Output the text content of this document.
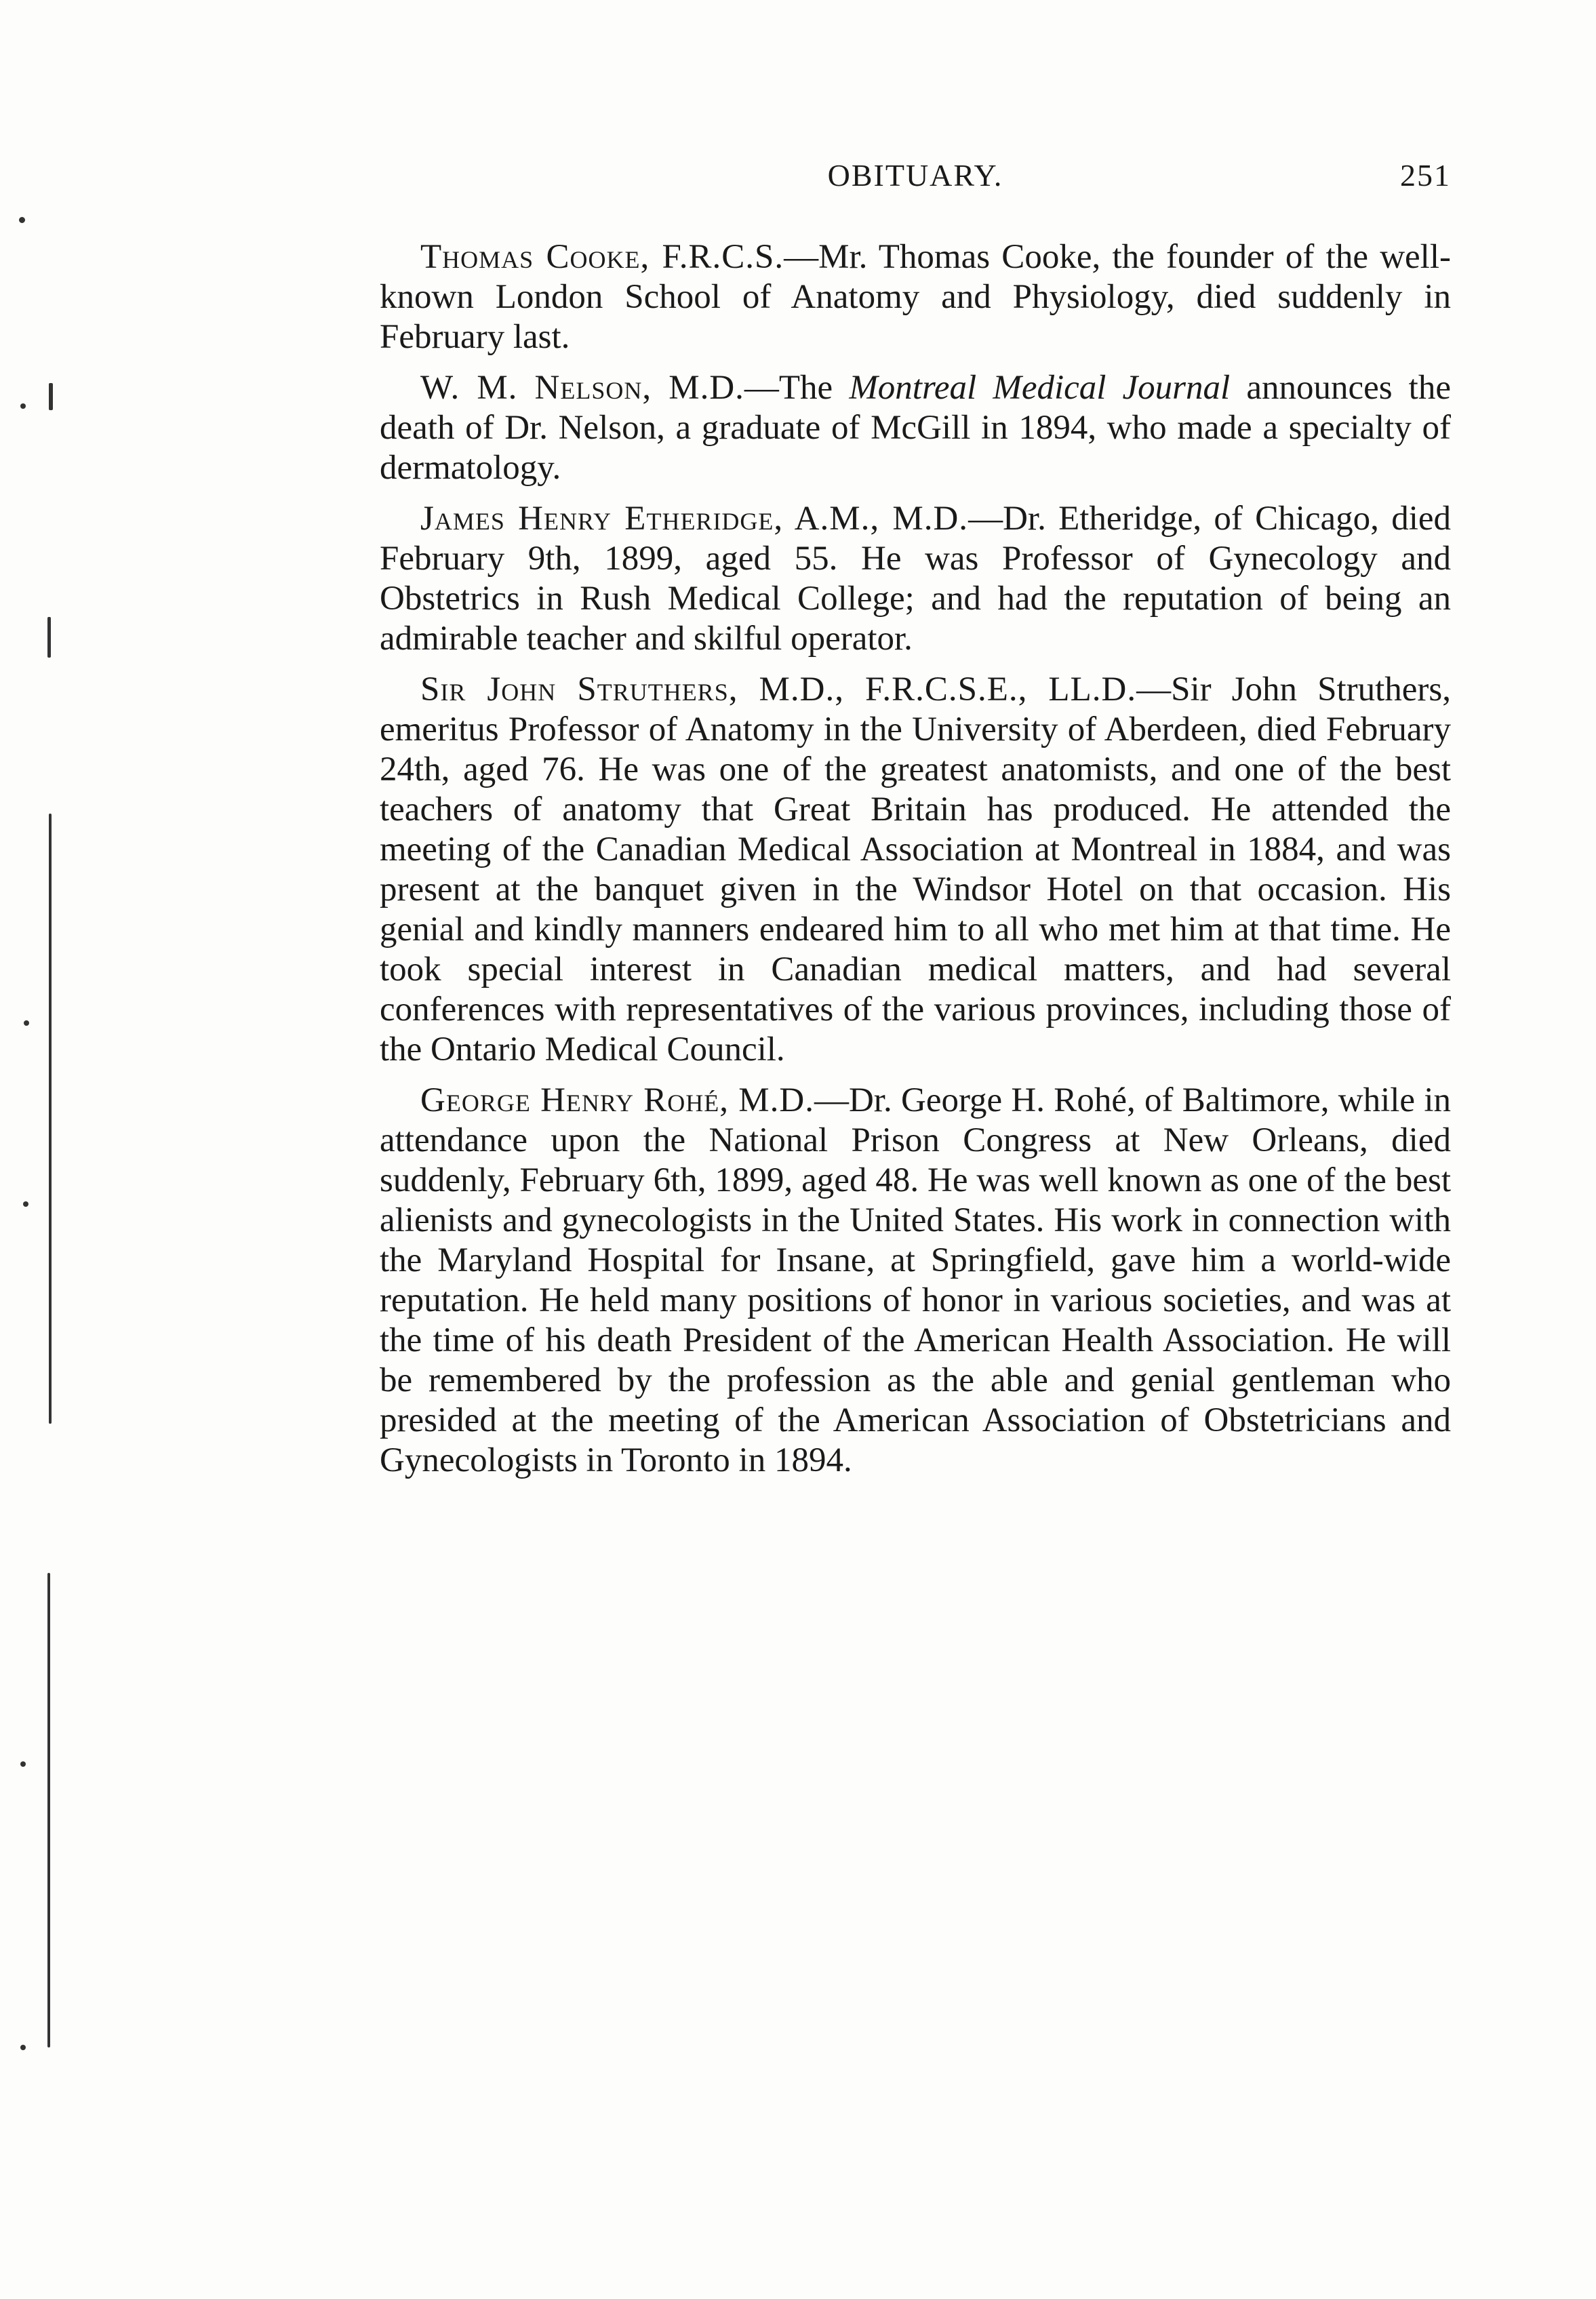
OBITUARY.	251

Thomas Cooke, F.R.C.S.—Mr. Thomas Cooke, the founder of the well-known London School of Anatomy and Physiology, died suddenly in February last.

W. M. Nelson, M.D.—The Montreal Medical Journal announces the death of Dr. Nelson, a graduate of McGill in 1894, who made a specialty of dermatology.

James Henry Etheridge, A.M., M.D.—Dr. Etheridge, of Chicago, died February 9th, 1899, aged 55. He was Professor of Gynecology and Obstetrics in Rush Medical College; and had the reputation of being an admirable teacher and skilful operator.

Sir John Struthers, M.D., F.R.C.S.E., LL.D.—Sir John Struthers, emeritus Professor of Anatomy in the University of Aberdeen, died February 24th, aged 76. He was one of the greatest anatomists, and one of the best teachers of anatomy that Great Britain has produced. He attended the meeting of the Canadian Medical Association at Montreal in 1884, and was present at the banquet given in the Windsor Hotel on that occasion. His genial and kindly manners endeared him to all who met him at that time. He took special interest in Canadian medical matters, and had several conferences with representatives of the various provinces, including those of the Ontario Medical Council.

George Henry Rohé, M.D.—Dr. George H. Rohé, of Baltimore, while in attendance upon the National Prison Congress at New Orleans, died suddenly, February 6th, 1899, aged 48. He was well known as one of the best alienists and gynecologists in the United States. His work in connection with the Maryland Hospital for Insane, at Springfield, gave him a world-wide reputation. He held many positions of honor in various societies, and was at the time of his death President of the American Health Association. He will be remembered by the profession as the able and genial gentleman who presided at the meeting of the American Association of Obstetricians and Gynecologists in Toronto in 1894.
